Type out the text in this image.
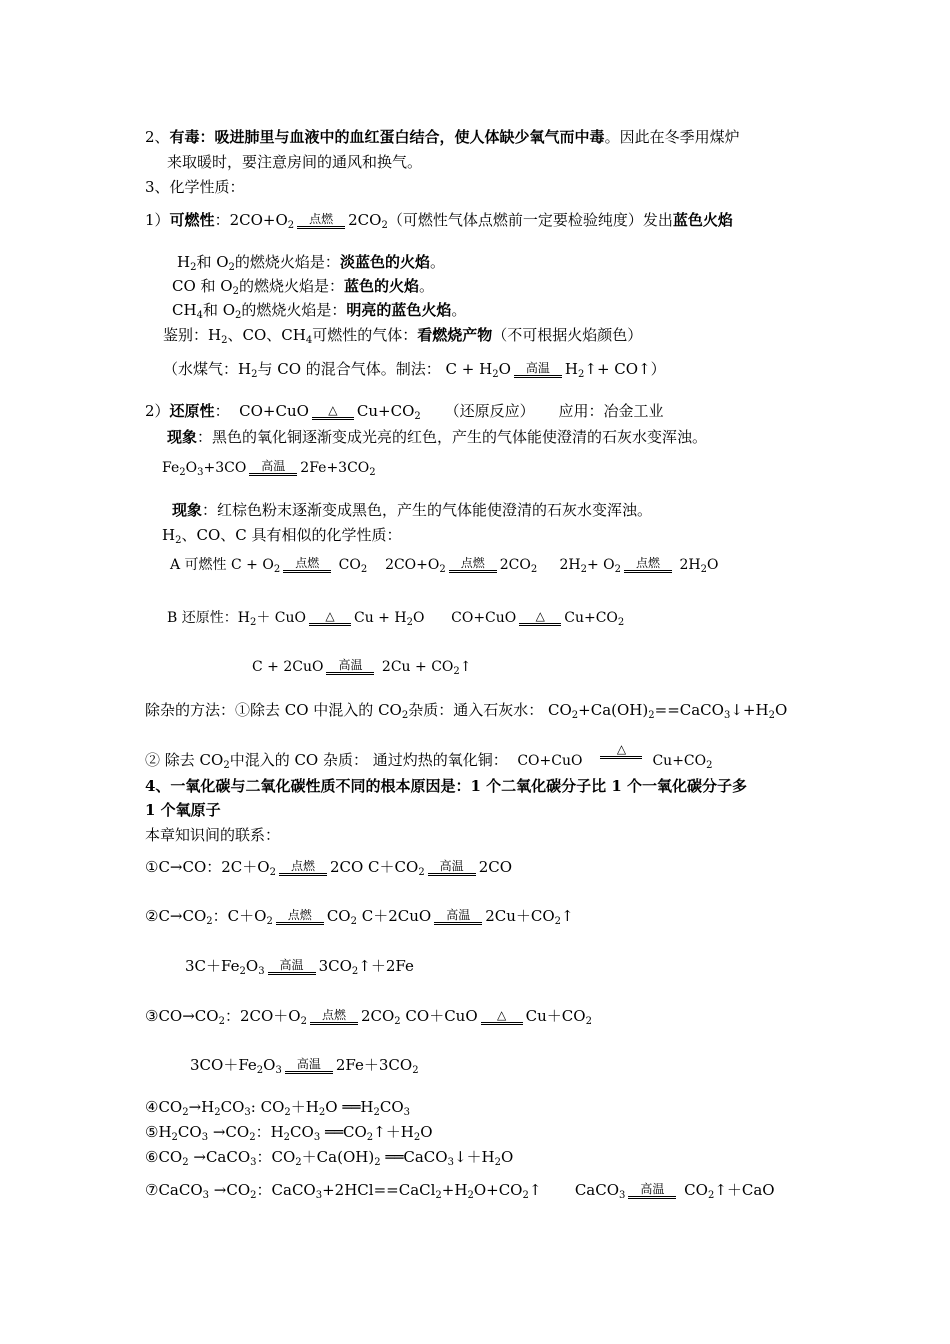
2、有毒：吸进肺里与血液中的血红蛋白结合，使人体缺少氧气而中毒。因此在冬季用煤炉
来取暖时，要注意房间的通风和换气。
3、化学性质：
1）可燃性：$2CO+O_2$ 点燃 $2CO_2$（可燃性气体点燃前一定要检验纯度）发出蓝色火焰
$H_2$和 $O_2$的燃烧火焰是：淡蓝色的火焰。
CO 和 $O_2$的燃烧火焰是：蓝色的火焰。
$CH_4$和 $O_2$的燃烧火焰是：明亮的蓝色火焰。
鉴别：$H_2$、CO、$CH_4$可燃性的气体：看燃烧产物（不可根据火焰颜色）
（水煤气：$H_2$与 CO 的混合气体。制法： $C + H_2O$ 高温 $H_2↑+$ CO↑）
2）还原性： CO+CuO △ $Cu+CO_2$ （还原反应） 应用：冶金工业
现象：黑色的氧化铜逐渐变成光亮的红色，产生的气体能使澄清的石灰水变浑浊。
$Fe_2O_3+3CO$ 高温 $2Fe+3CO_2$
现象：红棕色粉末逐渐变成黑色，产生的气体能使澄清的石灰水变浑浊。
$H_2$、CO、C 具有相似的化学性质：
A 可燃性 $C + O_2$ 点燃 $CO_2$ $2CO+O_2$ 点燃 $2CO_2$ $2H_2+ O_2$ 点燃 $2H_2O$
B 还原性：$H_2+$ CuO △ $Cu + H_2O$ CO+CuO △ $Cu+CO_2$
C + 2CuO 高温 $2Cu + CO_2↑$
除杂的方法：①除去 CO 中混入的 $CO_2$杂质：通入石灰水： $CO_2+Ca(OH)_2==CaCO_3↓+H_2O$
② 除去 $CO_2$中混入的 CO 杂质： 通过灼热的氧化铜： $CO+CuO\triangle Cu+CO_2$
4、一氧化碳与二氧化碳性质不同的根本原因是：1 个二氧化碳分子比 1 个一氧化碳分子多
1 个氧原子
本章知识间的联系：
①C→CO：$2C+O_2$ 点燃 2CO $C+CO_2$ 高温 2CO
$②C\to CO_2$：$C+O_2$ 点燃 $CO_2$ C＋2CuO 高温 $2Cu+CO_2↑$
$3C+Fe_2O_3$ 高温 $3CO_2↑+2Fe$
$③CO\to CO_2$：$2CO+O_2$ 点燃 $2CO_2$ CO＋CuO △ $Cu+CO_2$
$3CO+Fe_2O_3$ 高温 $2Fe+3CO_2$
$④CO_2\to H_2CO_3$: $CO_2+H_2O$ $══H_2CO_3$
$⑤H_2CO_3 \to CO_2$：$H_2CO_3$ $══CO_2↑+H_2O$
$⑥CO_2$ →CaCO$_3$：$CO_2+Ca(OH)_2$ $══CaCO_3↓+H_2O$
⑦CaCO$_3$ $\to CO_2$：$CaCO_3+2HCl==CaCl_2+H_2O+CO_2↑$ CaCO$_3$ 高温 $CO_2↑+CaO$
